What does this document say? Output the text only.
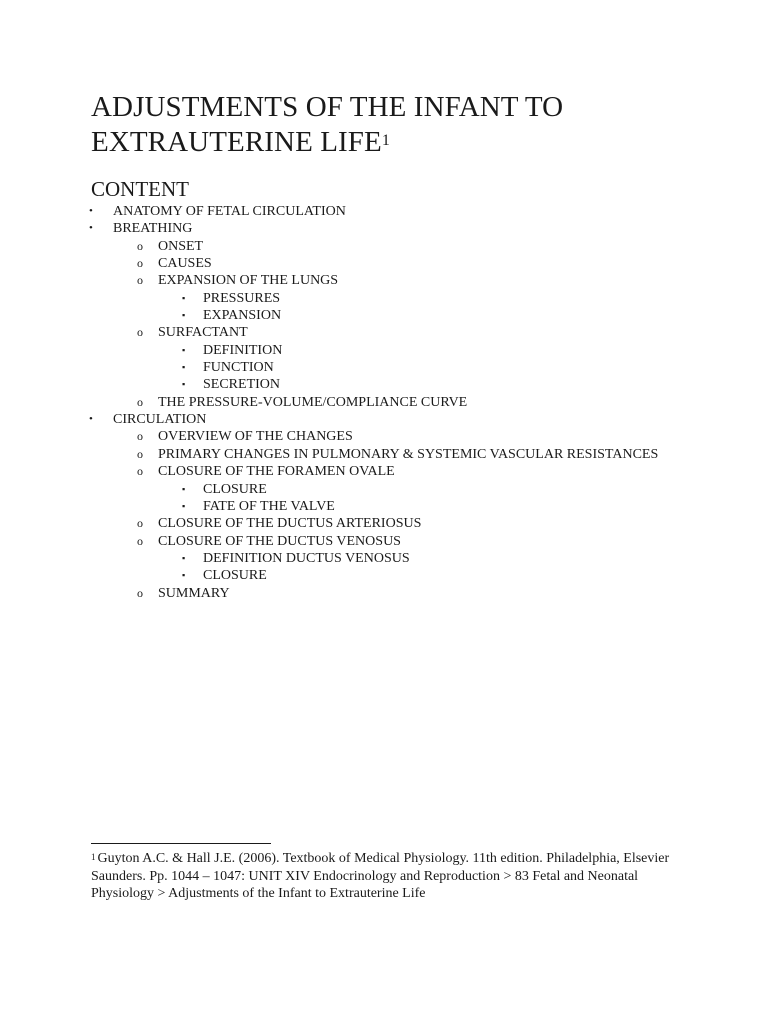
ADJUSTMENTS OF THE INFANT TO
EXTRAUTERINE LIFE$^1$
CONTENT
•	ANATOMY OF FETAL CIRCULATION
•	BREATHING
o	ONSET
o	CAUSES
o	EXPANSION OF THE LUNGS
▪	PRESSURES
▪	EXPANSION
o	SURFACTANT
▪	DEFINITION
▪	FUNCTION
▪	SECRETION
o	THE PRESSURE-VOLUME/COMPLIANCE CURVE
•	CIRCULATION
o	OVERVIEW OF THE CHANGES
o	PRIMARY CHANGES IN PULMONARY & SYSTEMIC VASCULAR RESISTANCES
o	CLOSURE OF THE FORAMEN OVALE
▪	CLOSURE
▪	FATE OF THE VALVE
o	CLOSURE OF THE DUCTUS ARTERIOSUS
o	CLOSURE OF THE DUCTUS VENOSUS
▪	DEFINITION DUCTUS VENOSUS
▪	CLOSURE
o	SUMMARY

$^1$ Guyton A.C. & Hall J.E. (2006). Textbook of Medical Physiology. 11th edition. Philadelphia, Elsevier Saunders. Pp. 1044 – 1047: UNIT XIV Endocrinology and Reproduction > 83 Fetal and Neonatal Physiology > Adjustments of the Infant to Extrauterine Life
